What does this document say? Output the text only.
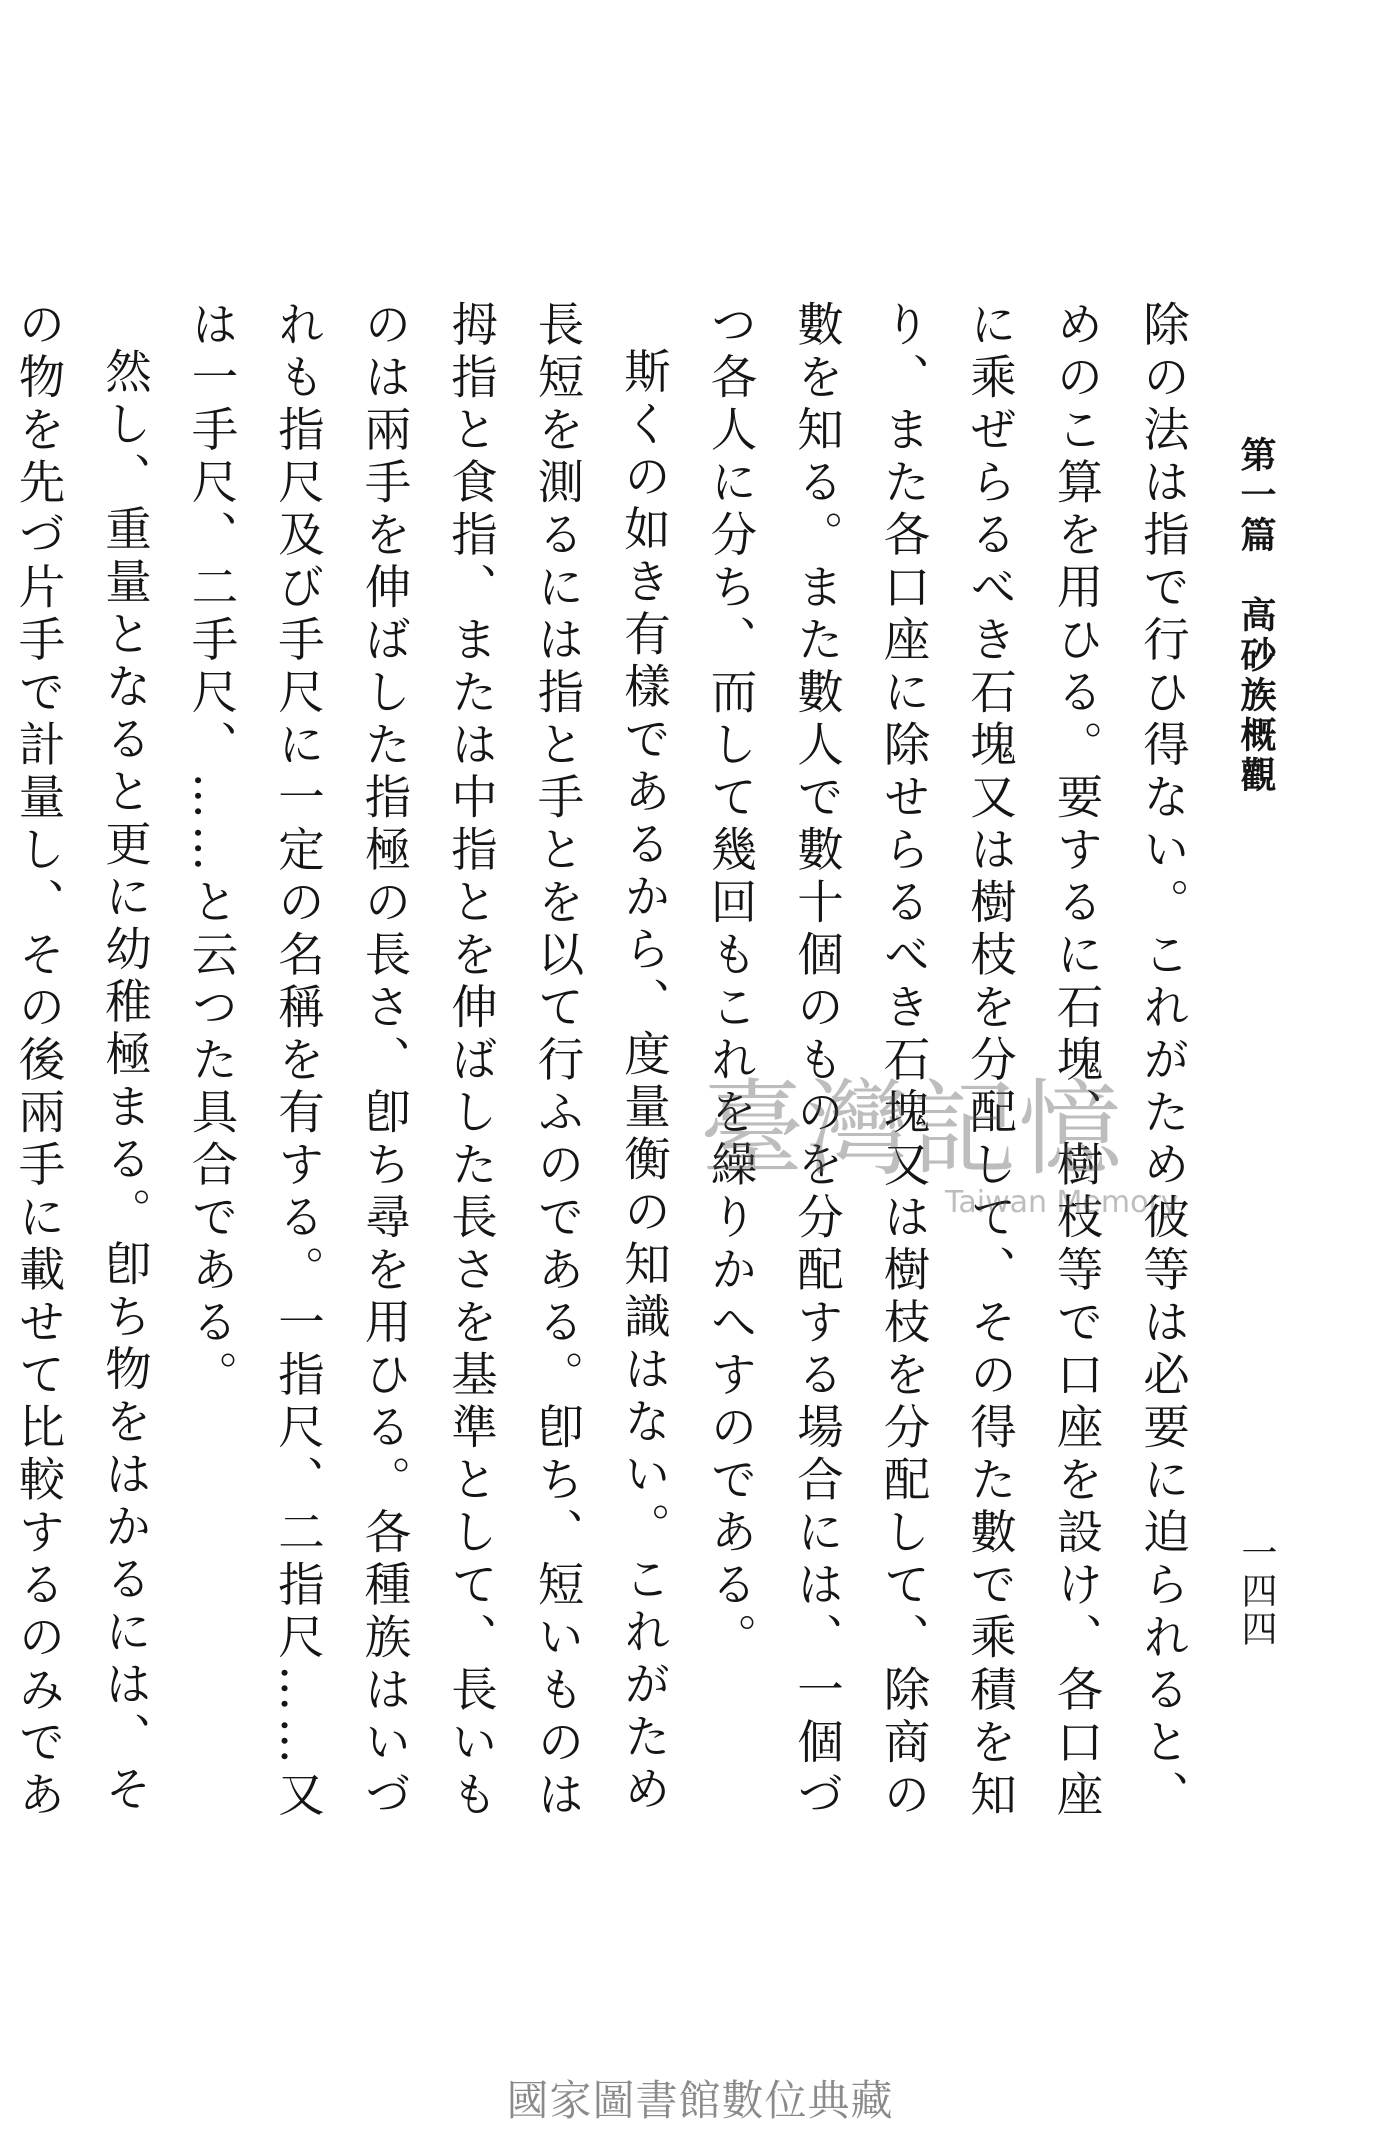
第一篇　高砂族概觀
一四四

除の法は指で行ひ得ない。これがため彼等は必要に迫られると、めのこ算を用ひる。要するに石塊、樹枝等で口座を設け、各口座に乘ぜらるべき石塊又は樹枝を分配して、その得た數で乘積を知り、また各口座に除せらるべき石塊又は樹枝を分配して、除商の數を知る。また數人で數十個のものを分配する場合には、一個づつ各人に分ち、而して幾回もこれを繰りかへすのである。

斯くの如き有樣であるから、度量衡の知識はない。これがため長短を測るには指と手とを以て行ふのである。卽ち、短いものは拇指と食指、または中指とを伸ばした長さを基準として、長いものは兩手を伸ばした指極の長さ、卽ち尋を用ひる。各種族はいづれも指尺及び手尺に一定の名稱を有する。一指尺、二指尺……又は一手尺、二手尺、……と云つた具合である。

然し、重量となると更に幼稚極まる。卽ち物をはかるには、その物を先づ片手で計量し、その後兩手に載せて比較するのみであ

臺灣記憶
Taiwan Memory
國家圖書館數位典藏
